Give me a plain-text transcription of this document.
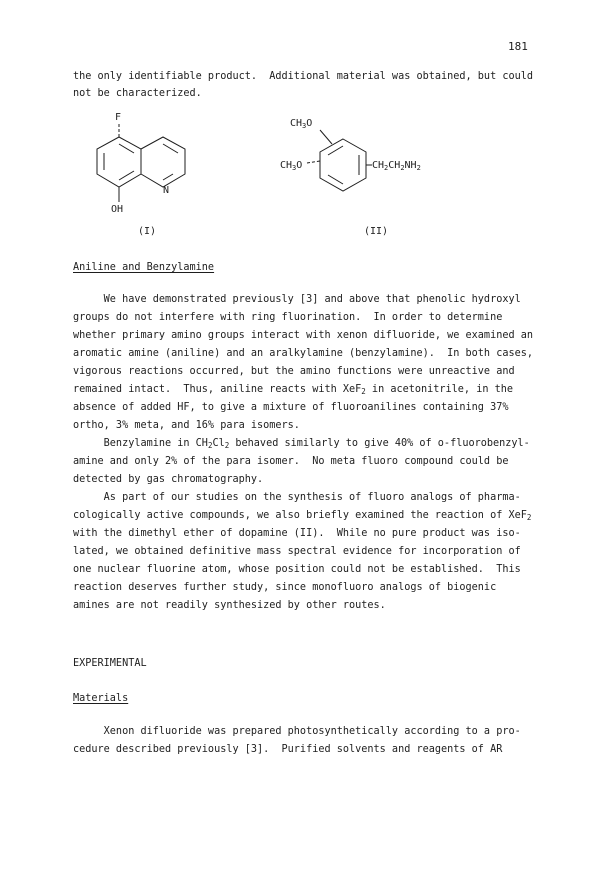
181
the only identifiable product.  Additional material was obtained, but could
not be characterized.
F
N
OH
(I)
CH3O
CH3O	CH2CH2NH2
(II)
Aniline and Benzylamine
We have demonstrated previously [3] and above that phenolic hydroxyl
groups do not interfere with ring fluorination.  In order to determine
whether primary amino groups interact with xenon difluoride, we examined an
aromatic amine (aniline) and an aralkylamine (benzylamine).  In both cases,
vigorous reactions occurred, but the amino functions were unreactive and
remained intact.  Thus, aniline reacts with XeF$_2$ in acetonitrile, in the
absence of added HF, to give a mixture of fluoroanilines containing 37%
ortho, 3% meta, and 16% para isomers.
Benzylamine in $CH_2Cl_2$ behaved similarly to give 40% of o-fluorobenzyl-
amine and only 2% of the para isomer.  No meta fluoro compound could be
detected by gas chromatography.
As part of our studies on the synthesis of fluoro analogs of pharma-
cologically active compounds, we also briefly examined the reaction of XeF$_2$
with the dimethyl ether of dopamine (II).  While no pure product was iso-
lated, we obtained definitive mass spectral evidence for incorporation of
one nuclear fluorine atom, whose position could not be established.  This
reaction deserves further study, since monofluoro analogs of biogenic
amines are not readily synthesized by other routes.
EXPERIMENTAL
Materials
Xenon difluoride was prepared photosynthetically according to a pro-
cedure described previously [3].  Purified solvents and reagents of AR
